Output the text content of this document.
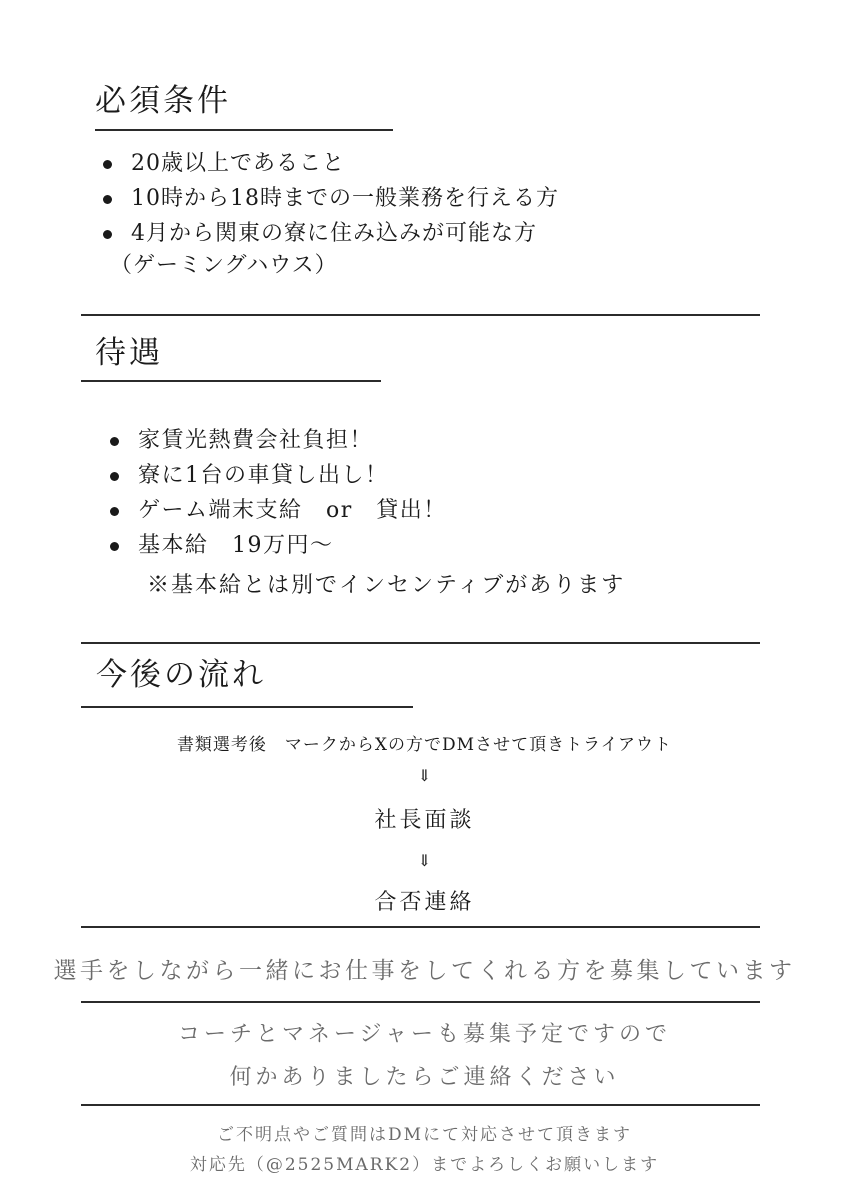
必須条件
20歳以上であること
10時から18時までの一般業務を行える方
4月から関東の寮に住み込みが可能な方
（ゲーミングハウス）
待遇
家賃光熱費会社負担！
寮に1台の車貸し出し！
ゲーム端末支給　or　貸出！
基本給　19万円〜
※基本給とは別でインセンティブがあります
今後の流れ
書類選考後　マークからXの方でDMさせて頂きトライアウト
⇓
社長面談
⇓
合否連絡
選手をしながら一緒にお仕事をしてくれる方を募集しています
コーチとマネージャーも募集予定ですので
何かありましたらご連絡ください
ご不明点やご質問はDMにて対応させて頂きます
対応先（@2525MARK2）までよろしくお願いします
